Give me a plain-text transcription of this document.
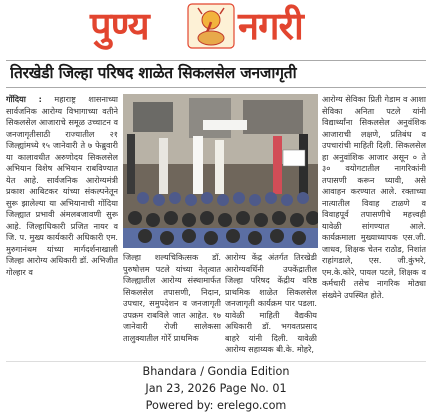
पुण्य नगरी
तिरखेडी जिल्हा परिषद शाळेत सिकलसेल जनजागृती
गोंदिया : महाराष्ट्र शासनाच्या सार्वजनिक आरोग्य विभागाच्या वतीने सिकलसेल आजाराचे समूळ उच्चाटन व जनजागृतीसाठी राज्यातील २१ जिल्ह्यांमध्ये १५ जानेवारी ते ७ फेब्रुवारी या कालावधीत अरुणोदय सिकलसेल अभियान विशेष अभियान राबविण्यात येत आहे. सार्वजनिक आरोग्यमंत्री प्रकाश आबिटकर यांच्या संकल्पनेतून सुरू झालेल्या या अभियानाची गोंदिया जिल्ह्यात प्रभावी अंमलबजावणी सुरू आहे. जिल्हाधिकारी प्रजित नायर व जि. प. मुख्य कार्यकारी अधिकारी एम. मुरुगानंथम यांच्या मार्गदर्शनाखाली जिल्हा आरोग्य अधिकारी डॉ. अभिजीत गोल्हार व
जिल्हा शल्यचिकित्सक डॉ. पुरुषोत्तम पटले यांच्या नेतृत्वात जिल्ह्यातील आरोग्य संस्थामार्फत सिकलसेल तपासणी, निदान, उपचार, समुपदेशन व जनजागृती उपक्रम राबविले जात आहेत. १७ जानेवारी रोजी सालेकसा तालुक्यातील गोर्रे प्राथमिक
आरोग्य केंद्र अंतर्गत तिरखेडी आरोग्यवर्धिनी उपकेंद्रातील जिल्हा परिषद केंद्रीय वरिष्ठ प्राथमिक शाळेत सिकलसेल जनजागृती कार्यक्रम पार पडला. यावेळी माहिती वैद्यकीय अधिकारी डॉ. भगवतप्रसाद बाहरे यांनी दिली. यावेळी आरोग्य सहाय्यक बी.के. मोहरे,
आरोग्य सेविका प्रिती गेडाम व आशा सेविका अनिता पटले यांनी विद्यार्थ्यांना सिकलसेल अनुवंशिक आजाराची लक्षणे, प्रतिबंध व उपचारांची माहिती दिली. सिकलसेल हा अनुवांशिक आजार असून ० ते ३० वयोगटातील नागरिकांनी तपासणी करून घ्यावी, असे आवाहन करण्यात आले. रक्ताच्या नात्यातील विवाह टाळणे व विवाहपूर्व तपासणीचे महत्त्वही यावेळी सांगण्यात आले. कार्यक्रमाला मुख्याध्यापक एस.जी. जाधव, शिक्षक चेतन राठोड, निशांत राहांगडाले, एस. जी.कुंभरे, एम.के.कोरे, पायल पटले, शिक्षक व कर्मचारी तसेच नागरिक मोठ्या संख्येने उपस्थित होते.
Bhandara / Gondia Edition
Jan 23, 2026 Page No. 01
Powered by: erelego.com
